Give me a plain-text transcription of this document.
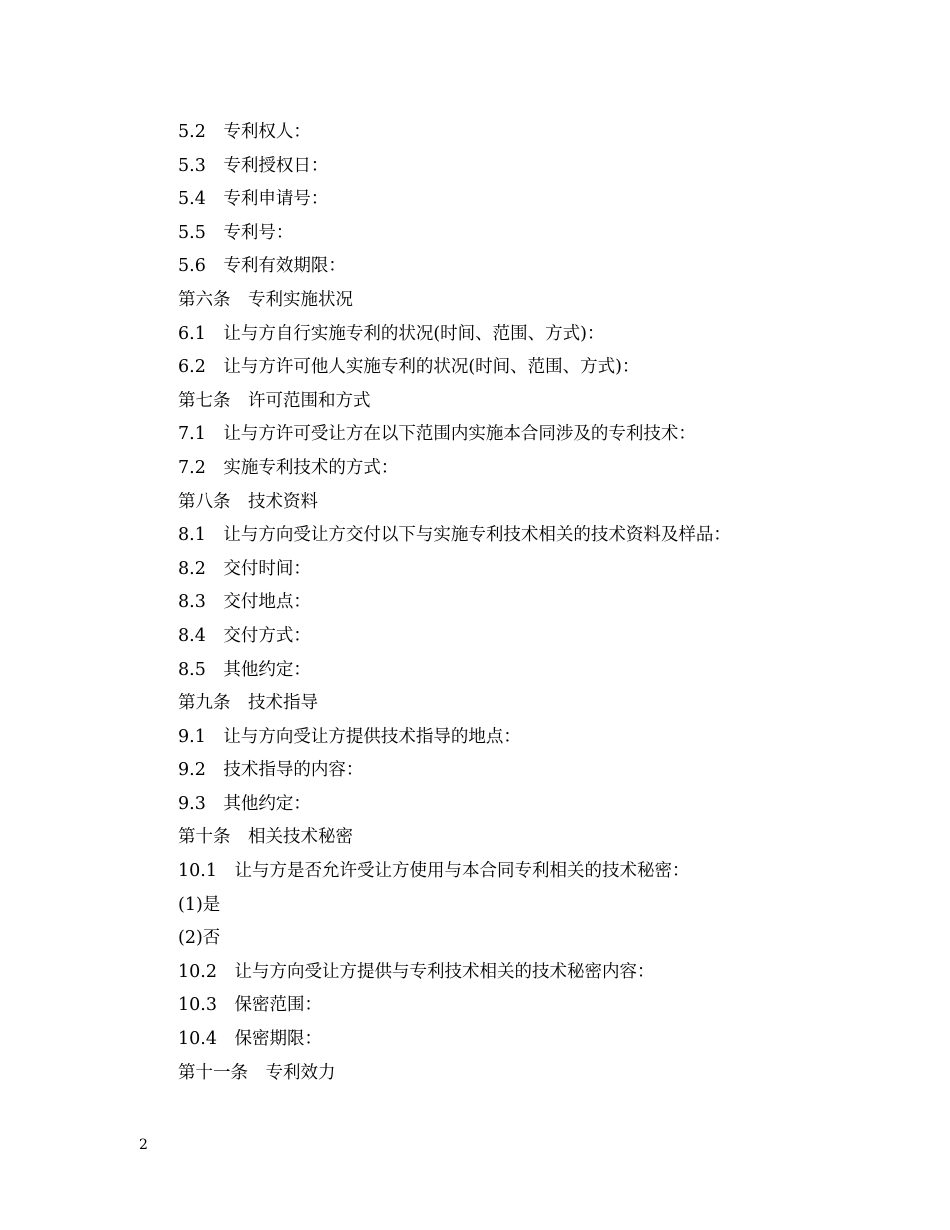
5.2　专利权人：
5.3　专利授权日：
5.4　专利申请号：
5.5　专利号：
5.6　专利有效期限：
第六条　专利实施状况
6.1　让与方自行实施专利的状况(时间、范围、方式)：
6.2　让与方许可他人实施专利的状况(时间、范围、方式)：
第七条　许可范围和方式
7.1　让与方许可受让方在以下范围内实施本合同涉及的专利技术：
7.2　实施专利技术的方式：
第八条　技术资料
8.1　让与方向受让方交付以下与实施专利技术相关的技术资料及样品：
8.2　交付时间：
8.3　交付地点：
8.4　交付方式：
8.5　其他约定：
第九条　技术指导
9.1　让与方向受让方提供技术指导的地点：
9.2　技术指导的内容：
9.3　其他约定：
第十条　相关技术秘密
10.1　让与方是否允许受让方使用与本合同专利相关的技术秘密：
(1)是
(2)否
10.2　让与方向受让方提供与专利技术相关的技术秘密内容：
10.3　保密范围：
10.4　保密期限：
第十一条　专利效力
2
